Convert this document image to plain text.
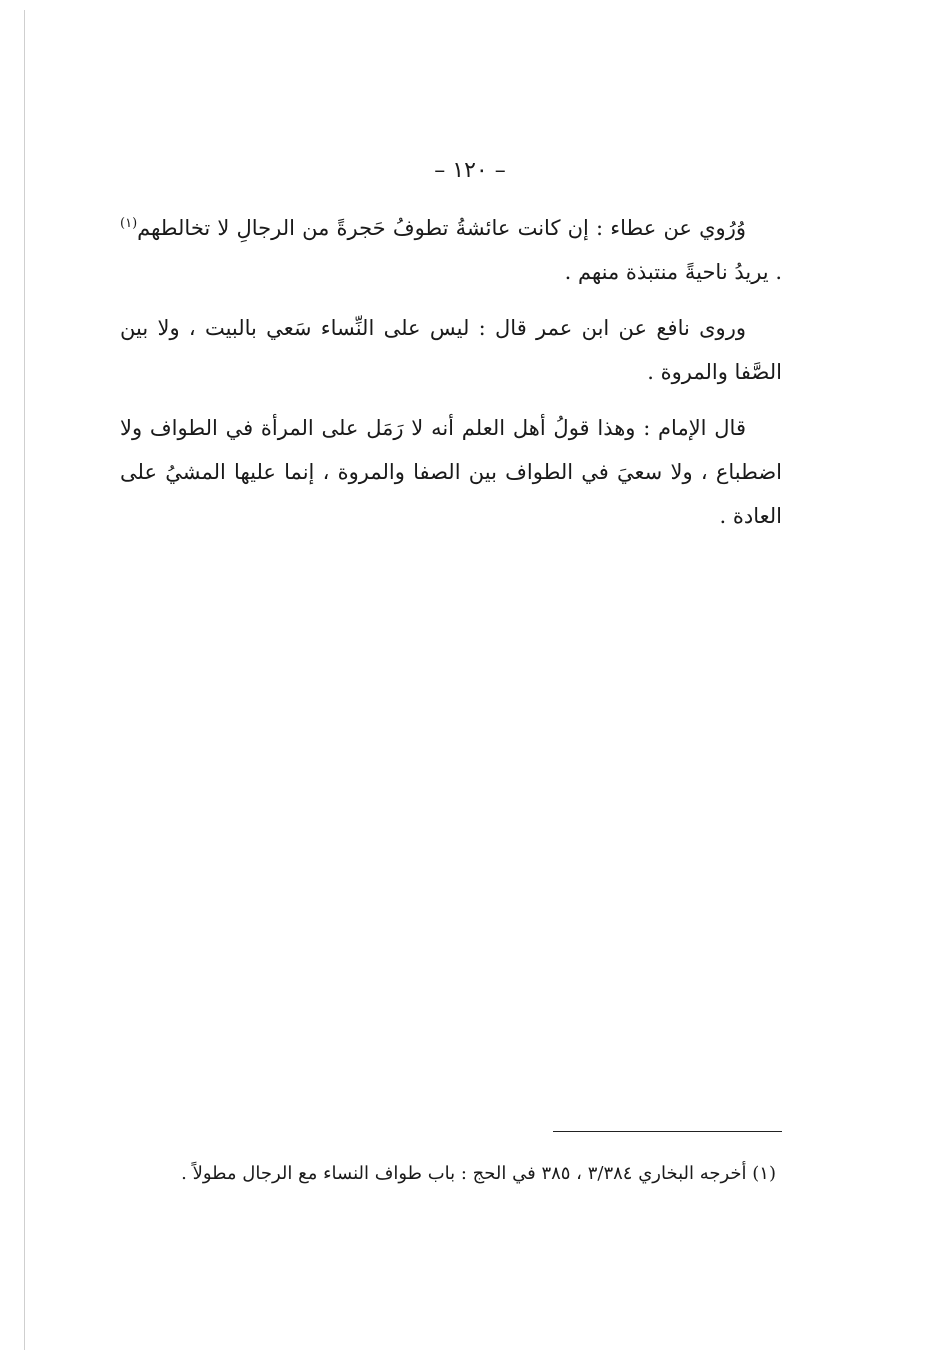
– ١٢٠ –

وُرُوي عن عطاء : إن كانت عائشةُ تطوفُ حَجرةً من الرجالِ لا تخالطهم$^{(١)}$ . يريدُ ناحيةً منتبذة منهم .

وروى نافع عن ابن عمر قال : ليس على النِّساء سَعي بالبيت ، ولا بين الصَّفا والمروة .

قال الإمام : وهذا قولُ أهل العلم أنه لا رَمَل على المرأة في الطواف ولا اضطباع ، ولا سعيَ في الطواف بين الصفا والمروة ، إنما عليها المشيُ على العادة .

(١) أخرجه البخاري ٣/٣٨٤ ، ٣٨٥ في الحج : باب طواف النساء مع الرجال مطولاً .
